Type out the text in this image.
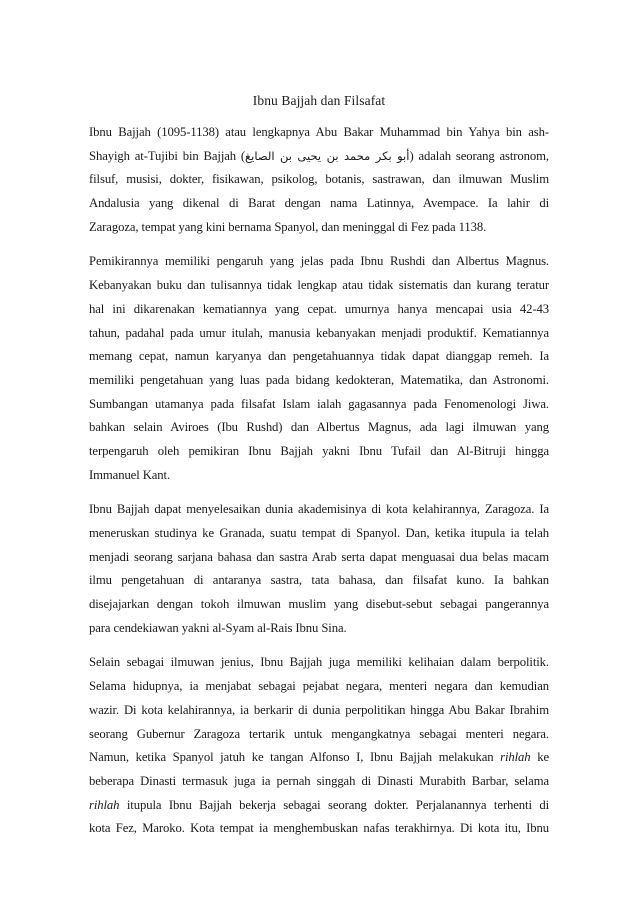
Ibnu Bajjah dan Filsafat
Ibnu Bajjah (1095-1138) atau lengkapnya Abu Bakar Muhammad bin Yahya bin ash-
Shayigh at-Tujibi bin Bajjah (أبو بكر محمد بن يحيى بن الصايغ) adalah seorang astronom,
filsuf, musisi, dokter, fisikawan, psikolog, botanis, sastrawan, dan ilmuwan Muslim
Andalusia yang dikenal di Barat dengan nama Latinnya, Avempace. Ia lahir di
Zaragoza, tempat yang kini bernama Spanyol, dan meninggal di Fez pada 1138.
Pemikirannya memiliki pengaruh yang jelas pada Ibnu Rushdi dan Albertus Magnus.
Kebanyakan buku dan tulisannya tidak lengkap atau tidak sistematis dan kurang teratur
hal ini dikarenakan kematiannya yang cepat. umurnya hanya mencapai usia 42-43
tahun, padahal pada umur itulah, manusia kebanyakan menjadi produktif. Kematiannya
memang cepat, namun karyanya dan pengetahuannya tidak dapat dianggap remeh. Ia
memiliki pengetahuan yang luas pada bidang kedokteran, Matematika, dan Astronomi.
Sumbangan utamanya pada filsafat Islam ialah gagasannya pada Fenomenologi Jiwa.
bahkan selain Aviroes (Ibu Rushd) dan Albertus Magnus, ada lagi ilmuwan yang
terpengaruh oleh pemikiran Ibnu Bajjah yakni Ibnu Tufail dan Al-Bitruji hingga
Immanuel Kant.
Ibnu Bajjah dapat menyelesaikan dunia akademisinya di kota kelahirannya, Zaragoza. Ia
meneruskan studinya ke Granada, suatu tempat di Spanyol. Dan, ketika itupula ia telah
menjadi seorang sarjana bahasa dan sastra Arab serta dapat menguasai dua belas macam
ilmu pengetahuan di antaranya sastra, tata bahasa, dan filsafat kuno. Ia bahkan
disejajarkan dengan tokoh ilmuwan muslim yang disebut-sebut sebagai pangerannya
para cendekiawan yakni al-Syam al-Rais Ibnu Sina.
Selain sebagai ilmuwan jenius, Ibnu Bajjah juga memiliki kelihaian dalam berpolitik.
Selama hidupnya, ia menjabat sebagai pejabat negara, menteri negara dan kemudian
wazir. Di kota kelahirannya, ia berkarir di dunia perpolitikan hingga Abu Bakar Ibrahim
seorang Gubernur Zaragoza tertarik untuk mengangkatnya sebagai menteri negara.
Namun, ketika Spanyol jatuh ke tangan Alfonso I, Ibnu Bajjah melakukan rihlah ke
beberapa Dinasti termasuk juga ia pernah singgah di Dinasti Murabith Barbar, selama
rihlah itupula Ibnu Bajjah bekerja sebagai seorang dokter. Perjalanannya terhenti di
kota Fez, Maroko. Kota tempat ia menghembuskan nafas terakhirnya. Di kota itu, Ibnu
